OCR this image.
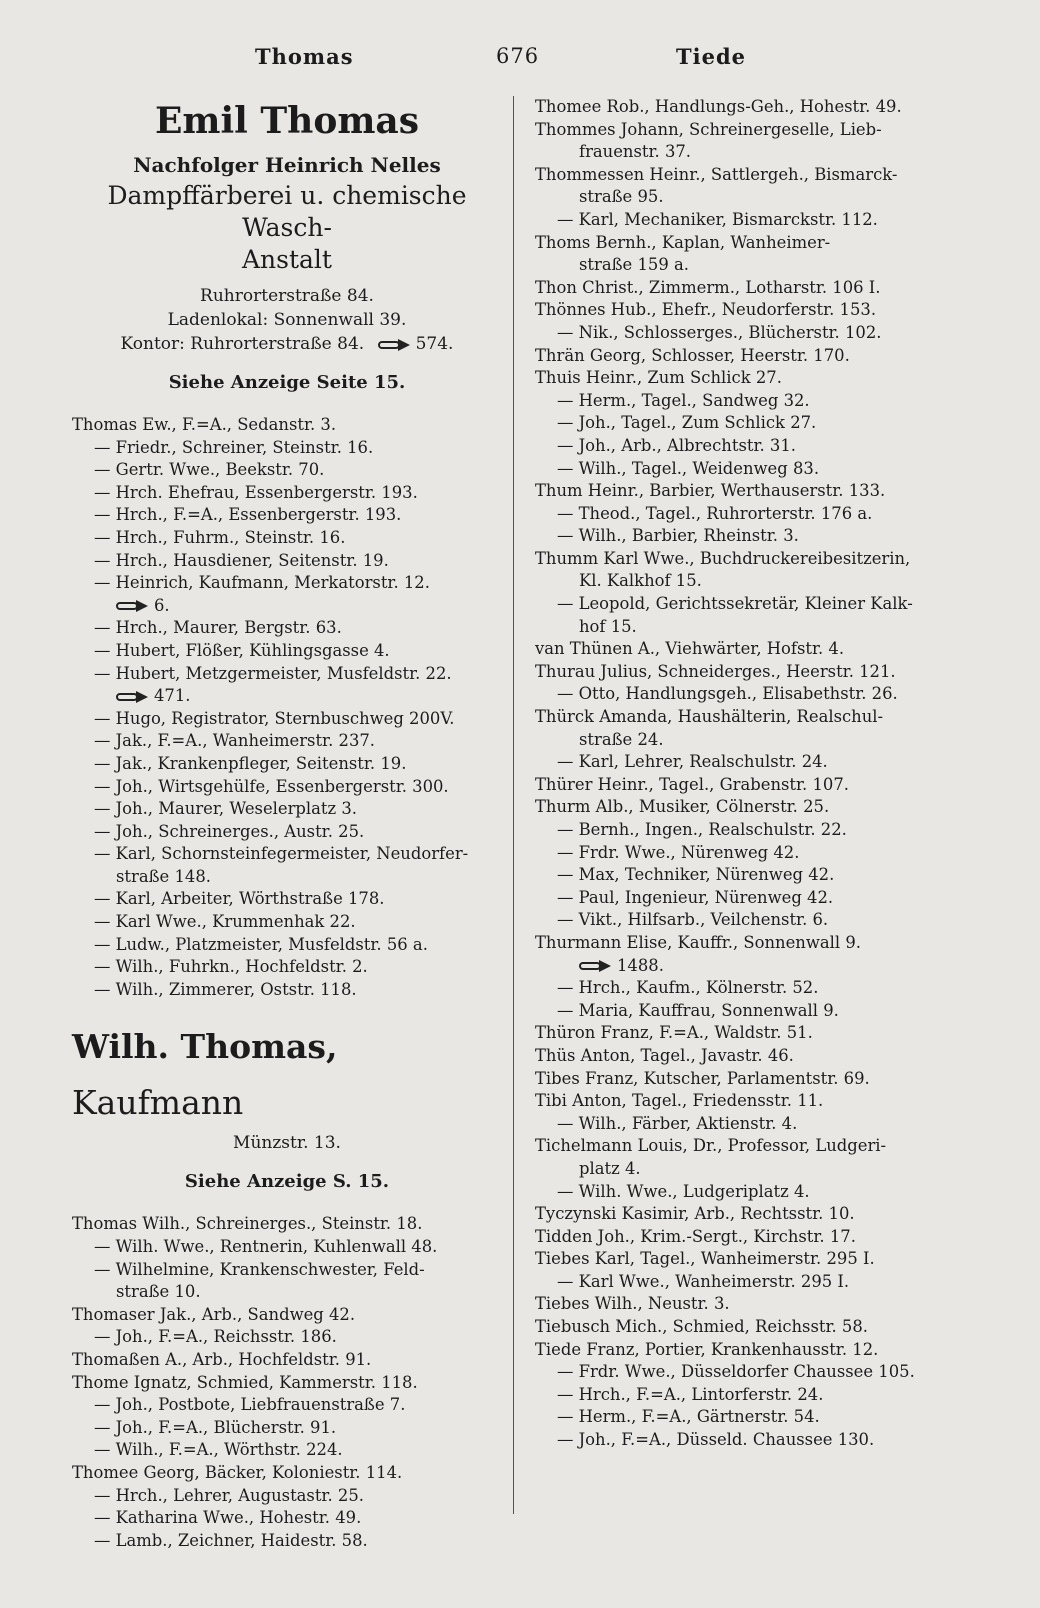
Thomas	676	Tiede
Emil Thomas
Nachfolger Heinrich Nelles
Dampffärberei u. chemische Wasch-
Anstalt
Ruhrorterstraße 84.
Ladenlokal: Sonnenwall 39.
Kontor: Ruhrorterstraße 84.	574.
Siehe Anzeige Seite 15.
Thomas Ew., F.=A., Sedanstr. 3.
— Friedr., Schreiner, Steinstr. 16.
— Gertr. Wwe., Beekstr. 70.
— Hrch. Ehefrau, Essenbergerstr. 193.
— Hrch., F.=A., Essenbergerstr. 193.
— Hrch., Fuhrm., Steinstr. 16.
— Hrch., Hausdiener, Seitenstr. 19.
— Heinrich, Kaufmann, Merkatorstr. 12.
6.
— Hrch., Maurer, Bergstr. 63.
— Hubert, Flößer, Kühlingsgasse 4.
— Hubert, Metzgermeister, Musfeldstr. 22.
471.
— Hugo, Registrator, Sternbuschweg 200V.
— Jak., F.=A., Wanheimerstr. 237.
— Jak., Krankenpfleger, Seitenstr. 19.
— Joh., Wirtsgehülfe, Essenbergerstr. 300.
— Joh., Maurer, Weselerplatz 3.
— Joh., Schreinerges., Austr. 25.
— Karl, Schornsteinfegermeister, Neudorfer-
straße 148.
— Karl, Arbeiter, Wörthstraße 178.
— Karl Wwe., Krummenhak 22.
— Ludw., Platzmeister, Musfeldstr. 56 a.
— Wilh., Fuhrkn., Hochfeldstr. 2.
— Wilh., Zimmerer, Oststr. 118.
Wilh. Thomas, Kaufmann
Münzstr. 13.
Siehe Anzeige S. 15.
Thomas Wilh., Schreinerges., Steinstr. 18.
— Wilh. Wwe., Rentnerin, Kuhlenwall 48.
— Wilhelmine, Krankenschwester, Feld-
straße 10.
Thomaser Jak., Arb., Sandweg 42.
— Joh., F.=A., Reichsstr. 186.
Thomaßen A., Arb., Hochfeldstr. 91.
Thome Ignatz, Schmied, Kammerstr. 118.
— Joh., Postbote, Liebfrauenstraße 7.
— Joh., F.=A., Blücherstr. 91.
— Wilh., F.=A., Wörthstr. 224.
Thomee Georg, Bäcker, Koloniestr. 114.
— Hrch., Lehrer, Augustastr. 25.
— Katharina Wwe., Hohestr. 49.
— Lamb., Zeichner, Haidestr. 58.
Thomee Rob., Handlungs-Geh., Hohestr. 49.
Thommes Johann, Schreinergeselle, Lieb-
frauenstr. 37.
Thommessen Heinr., Sattlergeh., Bismarck-
straße 95.
— Karl, Mechaniker, Bismarckstr. 112.
Thoms Bernh., Kaplan, Wanheimer-
straße 159 a.
Thon Christ., Zimmerm., Lotharstr. 106 I.
Thönnes Hub., Ehefr., Neudorferstr. 153.
— Nik., Schlosserges., Blücherstr. 102.
Thrän Georg, Schlosser, Heerstr. 170.
Thuis Heinr., Zum Schlick 27.
— Herm., Tagel., Sandweg 32.
— Joh., Tagel., Zum Schlick 27.
— Joh., Arb., Albrechtstr. 31.
— Wilh., Tagel., Weidenweg 83.
Thum Heinr., Barbier, Werthauserstr. 133.
— Theod., Tagel., Ruhrorterstr. 176 a.
— Wilh., Barbier, Rheinstr. 3.
Thumm Karl Wwe., Buchdruckereibesitzerin,
Kl. Kalkhof 15.
— Leopold, Gerichtssekretär, Kleiner Kalk-
hof 15.
van Thünen A., Viehwärter, Hofstr. 4.
Thurau Julius, Schneiderges., Heerstr. 121.
— Otto, Handlungsgeh., Elisabethstr. 26.
Thürck Amanda, Haushälterin, Realschul-
straße 24.
— Karl, Lehrer, Realschulstr. 24.
Thürer Heinr., Tagel., Grabenstr. 107.
Thurm Alb., Musiker, Cölnerstr. 25.
— Bernh., Ingen., Realschulstr. 22.
— Frdr. Wwe., Nürenweg 42.
— Max, Techniker, Nürenweg 42.
— Paul, Ingenieur, Nürenweg 42.
— Vikt., Hilfsarb., Veilchenstr. 6.
Thurmann Elise, Kauffr., Sonnenwall 9.
1488.
— Hrch., Kaufm., Kölnerstr. 52.
— Maria, Kauffrau, Sonnenwall 9.
Thüron Franz, F.=A., Waldstr. 51.
Thüs Anton, Tagel., Javastr. 46.
Tibes Franz, Kutscher, Parlamentstr. 69.
Tibi Anton, Tagel., Friedensstr. 11.
— Wilh., Färber, Aktienstr. 4.
Tichelmann Louis, Dr., Professor, Ludgeri-
platz 4.
— Wilh. Wwe., Ludgeriplatz 4.
Tyczynski Kasimir, Arb., Rechtsstr. 10.
Tidden Joh., Krim.-Sergt., Kirchstr. 17.
Tiebes Karl, Tagel., Wanheimerstr. 295 I.
— Karl Wwe., Wanheimerstr. 295 I.
Tiebes Wilh., Neustr. 3.
Tiebusch Mich., Schmied, Reichsstr. 58.
Tiede Franz, Portier, Krankenhausstr. 12.
— Frdr. Wwe., Düsseldorfer Chaussee 105.
— Hrch., F.=A., Lintorferstr. 24.
— Herm., F.=A., Gärtnerstr. 54.
— Joh., F.=A., Düsseld. Chaussee 130.
